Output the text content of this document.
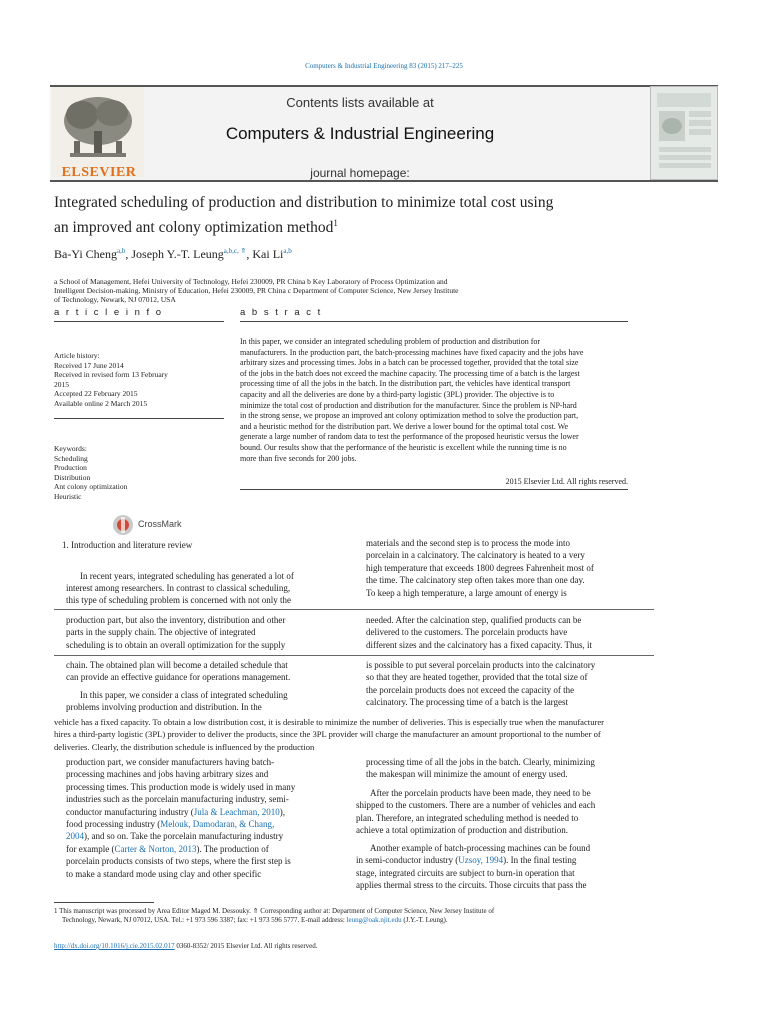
Computers & Industrial Engineering 83 (2015) 217–225
ELSEVIER
Contents lists available at
Computers & Industrial Engineering
journal homepage:
Integrated scheduling of production and distribution to minimize total cost using
an improved ant colony optimization method$^1$
Ba-Yi Cheng$^{a,b}$, Joseph Y.-T. Leung$^{a,b,c, ⇑}$, Kai Li$^{a,b}$
a School of Management, Hefei University of Technology, Hefei 230009, PR China b Key Laboratory of Process Optimization and
Intelligent Decision-making, Ministry of Education, Hefei 230009, PR China c Department of Computer Science, New Jersey Institute
of Technology, Newark, NJ 07012, USA
a r t i c l e i n f o	a b s t r a c t
Article history:
Received 17 June 2014
Received in revised form 13 February
2015
Accepted 22 February 2015
Available online 2 March 2015
Keywords:
Scheduling
Production
Distribution
Ant colony optimization
Heuristic
In this paper, we consider an integrated scheduling problem of production and distribution for
manufacturers. In the production part, the batch-processing machines have fixed capacity and the jobs have
arbitrary sizes and processing times. Jobs in a batch can be processed together, provided that the total size
of the jobs in the batch does not exceed the machine capacity. The processing time of a batch is the largest
processing time of all the jobs in the batch. In the distribution part, the vehicles have identical transport
capacity and all the deliveries are done by a third-party logistic (3PL) provider. The objective is to
minimize the total cost of production and distribution for the manufacturer. Since the problem is NP-hard
in the strong sense, we propose an improved ant colony optimization method to solve the production part,
and a heuristic method for the distribution part. We derive a lower bound for the optimal total cost. We
generate a large number of random data to test the performance of the proposed heuristic versus the lower
bound. Our results show that the performance of the heuristic is excellent while the running time is no
more than five seconds for 200 jobs.
2015 Elsevier Ltd. All rights reserved.
CrossMark
1. Introduction and literature review
In recent years, integrated scheduling has generated a lot of
interest among researchers. In contrast to classical scheduling,
this type of scheduling problem is concerned with not only the
production part, but also the inventory, distribution and other
parts in the supply chain. The objective of integrated
scheduling is to obtain an overall optimization for the supply
chain. The obtained plan will become a detailed schedule that
can provide an effective guidance for operations management.
In this paper, we consider a class of integrated scheduling
problems involving production and distribution. In the
materials and the second step is to process the mode into
porcelain in a calcinatory. The calcinatory is heated to a very
high temperature that exceeds 1800 degrees Fahrenheit most of
the time. The calcinatory step often takes more than one day.
To keep a high temperature, a large amount of energy is
needed. After the calcination step, qualified products can be
delivered to the customers. The porcelain products have
different sizes and the calcinatory has a fixed capacity. Thus, it
is possible to put several porcelain products into the calcinatory
so that they are heated together, provided that the total size of
the porcelain products does not exceed the capacity of the
calcinatory. The processing time of a batch is the largest
vehicle has a fixed capacity. To obtain a low distribution cost, it is desirable to minimize the number of deliveries. This is especially true when the manufacturer
hires a third-party logistic (3PL) provider to deliver the products, since the 3PL provider will charge the manufacturer an amount proportional to the number of
deliveries. Clearly, the distribution schedule is influenced by the production
production part, we consider manufacturers having batch-
processing machines and jobs having arbitrary sizes and
processing times. This production mode is widely used in many
industries such as the porcelain manufacturing industry, semi-
conductor manufacturing industry (Jula & Leachman, 2010),
food processing industry (Melouk, Damodaran, & Chang,
2004), and so on. Take the porcelain manufacturing industry
for example (Carter & Norton, 2013). The production of
porcelain products consists of two steps, where the first step is
to make a standard mode using clay and other specific
processing time of all the jobs in the batch. Clearly, minimizing
the makespan will minimize the amount of energy used.
After the porcelain products have been made, they need to be
shipped to the customers. There are a number of vehicles and each
plan. Therefore, an integrated scheduling method is needed to
achieve a total optimization of production and distribution.
Another example of batch-processing machines can be found
in semi-conductor industry (Uzsoy, 1994). In the final testing
stage, integrated circuits are subject to burn-in operation that
applies thermal stress to the circuits. Those circuits that pass the
1 This manuscript was processed by Area Editor Maged M. Dessouky. ⇑ Corresponding author at: Department of Computer Science, New Jersey Institute of
Technology, Newark, NJ 07012, USA. Tel.: +1 973 596 3387; fax: +1 973 596 5777. E-mail address: leung@oak.njit.edu (J.Y.-T. Leung).
http://dx.doi.org/10.1016/j.cie.2015.02.017 0360-8352/ 2015 Elsevier Ltd. All rights reserved.
